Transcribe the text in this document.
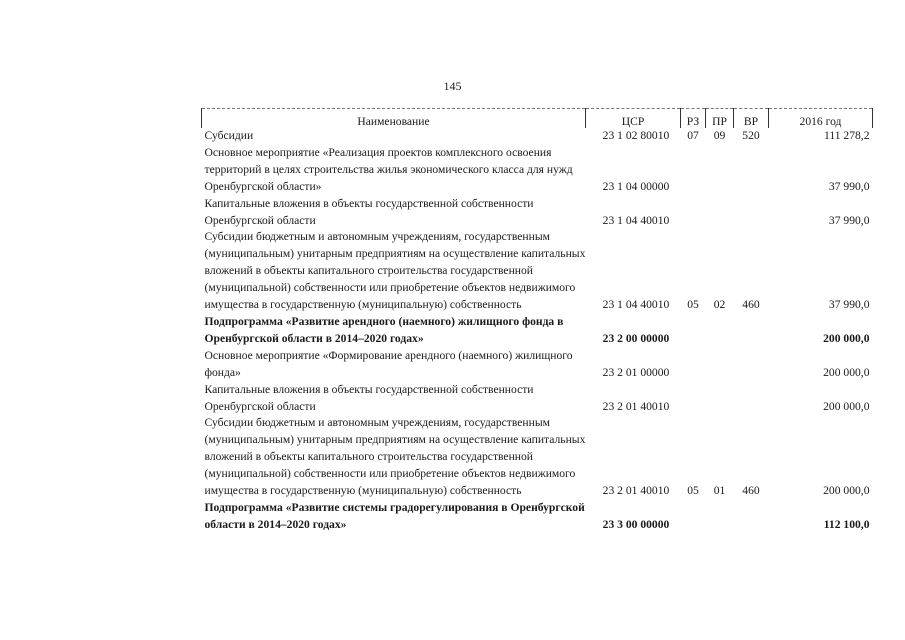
145
Наименование	ЦСР	РЗ	ПР	ВР	2016 год
Субсидии	23 1 02 80010	07	09	520	111 278,2
Основное мероприятие «Реализация проектов комплексного освоения территорий в целях строительства жилья экономического класса для нужд Оренбургской области»	23 1 04 00000				37 990,0
Капитальные вложения в объекты государственной собственности Оренбургской области	23 1 04 40010				37 990,0
Субсидии бюджетным и автономным учреждениям, государственным (муниципальным) унитарным предприятиям на осуществление капитальных вложений в объекты капитального строительства государственной (муниципальной) собственности или приобретение объектов недвижимого имущества в государственную (муниципальную) собственность	23 1 04 40010	05	02	460	37 990,0
Подпрограмма «Развитие арендного (наемного) жилищного фонда в Оренбургской области в 2014–2020 годах»	23 2 00 00000				200 000,0
Основное мероприятие «Формирование арендного (наемного) жилищного фонда»	23 2 01 00000				200 000,0
Капитальные вложения в объекты государственной собственности Оренбургской области	23 2 01 40010				200 000,0
Субсидии бюджетным и автономным учреждениям, государственным (муниципальным) унитарным предприятиям на осуществление капитальных вложений в объекты капитального строительства государственной (муниципальной) собственности или приобретение объектов недвижимого имущества в государственную (муниципальную) собственность	23 2 01 40010	05	01	460	200 000,0
Подпрограмма «Развитие системы градорегулирования в Оренбургской области в 2014–2020 годах»	23 3 00 00000				112 100,0
